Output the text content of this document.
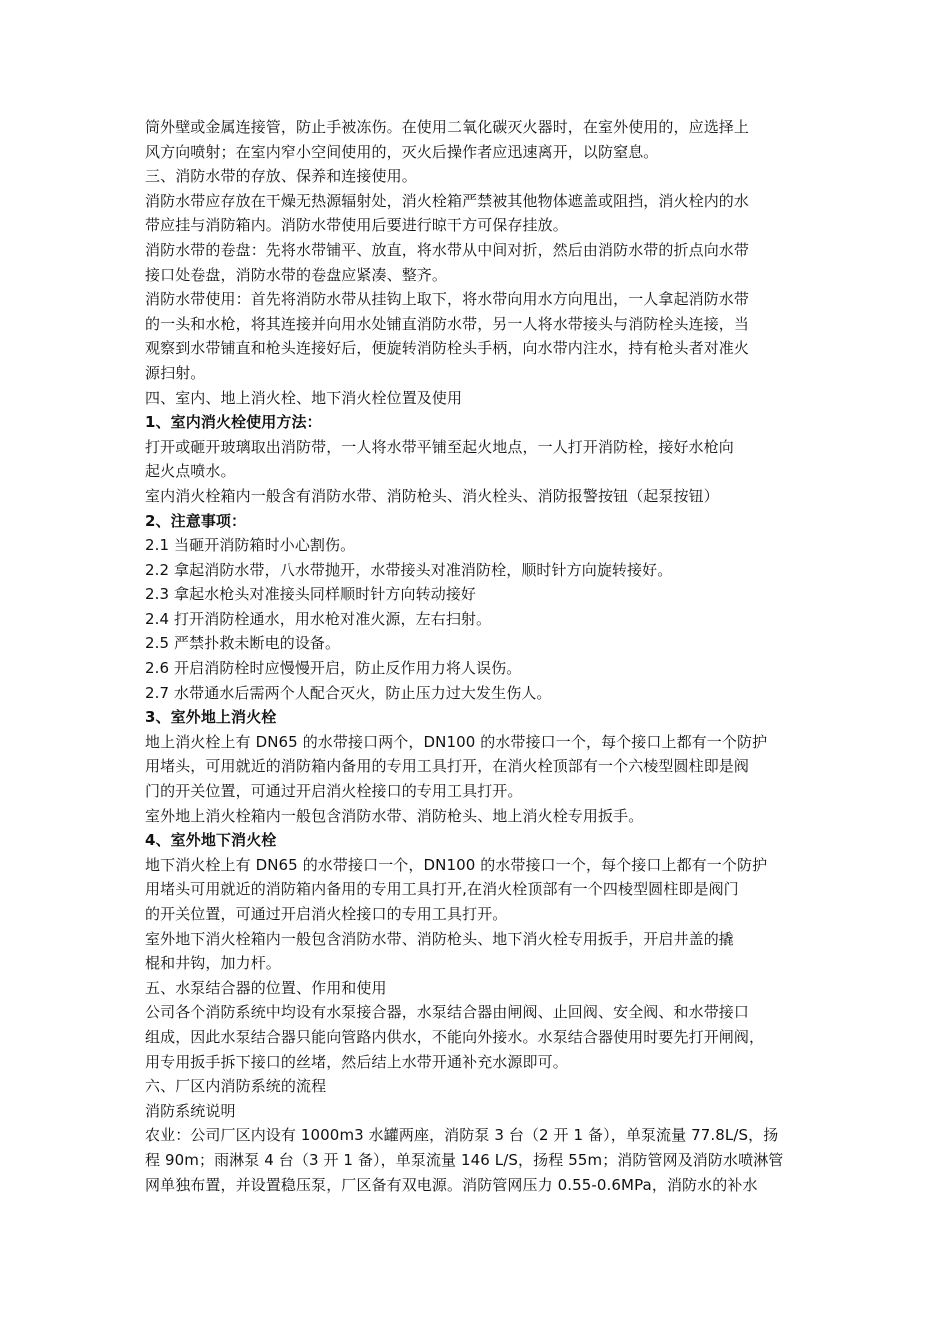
筒外壁或金属连接管，防止手被冻伤。在使用二氧化碳灭火器时，在室外使用的，应选择上
风方向喷射；在室内窄小空间使用的，灭火后操作者应迅速离开，以防窒息。
三、消防水带的存放、保养和连接使用。
消防水带应存放在干燥无热源辐射处，消火栓箱严禁被其他物体遮盖或阻挡，消火栓内的水
带应挂与消防箱内。消防水带使用后要进行晾干方可保存挂放。
消防水带的卷盘：先将水带铺平、放直，将水带从中间对折，然后由消防水带的折点向水带
接口处卷盘，消防水带的卷盘应紧凑、整齐。
消防水带使用：首先将消防水带从挂钩上取下，将水带向用水方向甩出，一人拿起消防水带
的一头和水枪，将其连接并向用水处铺直消防水带，另一人将水带接头与消防栓头连接，当
观察到水带铺直和枪头连接好后，便旋转消防栓头手柄，向水带内注水，持有枪头者对准火
源扫射。
四、室内、地上消火栓、地下消火栓位置及使用
1、室内消火栓使用方法：
打开或砸开玻璃取出消防带，一人将水带平铺至起火地点，一人打开消防栓，接好水枪向
起火点喷水。
室内消火栓箱内一般含有消防水带、消防枪头、消火栓头、消防报警按钮（起泵按钮）
2、注意事项：
2.1 当砸开消防箱时小心割伤。
2.2 拿起消防水带，八水带抛开，水带接头对准消防栓，顺时针方向旋转接好。
2.3 拿起水枪头对准接头同样顺时针方向转动接好
2.4 打开消防栓通水，用水枪对准火源，左右扫射。
2.5 严禁扑救未断电的设备。
2.6 开启消防栓时应慢慢开启，防止反作用力将人误伤。
2.7 水带通水后需两个人配合灭火，防止压力过大发生伤人。
3、室外地上消火栓
地上消火栓上有 DN65 的水带接口两个，DN100 的水带接口一个，每个接口上都有一个防护
用堵头，可用就近的消防箱内备用的专用工具打开，在消火栓顶部有一个六棱型圆柱即是阀
门的开关位置，可通过开启消火栓接口的专用工具打开。
室外地上消火栓箱内一般包含消防水带、消防枪头、地上消火栓专用扳手。
4、室外地下消火栓
地下消火栓上有 DN65 的水带接口一个，DN100 的水带接口一个，每个接口上都有一个防护
用堵头可用就近的消防箱内备用的专用工具打开,在消火栓顶部有一个四棱型圆柱即是阀门
的开关位置，可通过开启消火栓接口的专用工具打开。
室外地下消火栓箱内一般包含消防水带、消防枪头、地下消火栓专用扳手，开启井盖的撬
棍和井钩，加力杆。
五、水泵结合器的位置、作用和使用
公司各个消防系统中均设有水泵接合器，水泵结合器由闸阀、止回阀、安全阀、和水带接口
组成，因此水泵结合器只能向管路内供水，不能向外接水。水泵结合器使用时要先打开闸阀，
用专用扳手拆下接口的丝堵，然后结上水带开通补充水源即可。
六、厂区内消防系统的流程
消防系统说明
农业：公司厂区内设有 1000m3 水罐两座，消防泵 3 台（2 开 1 备），单泵流量 77.8L/S，扬
程 90m；雨淋泵 4 台（3 开 1 备），单泵流量 146 L/S，扬程 55m；消防管网及消防水喷淋管
网单独布置，并设置稳压泵，厂区备有双电源。消防管网压力 0.55-0.6MPa，消防水的补水
